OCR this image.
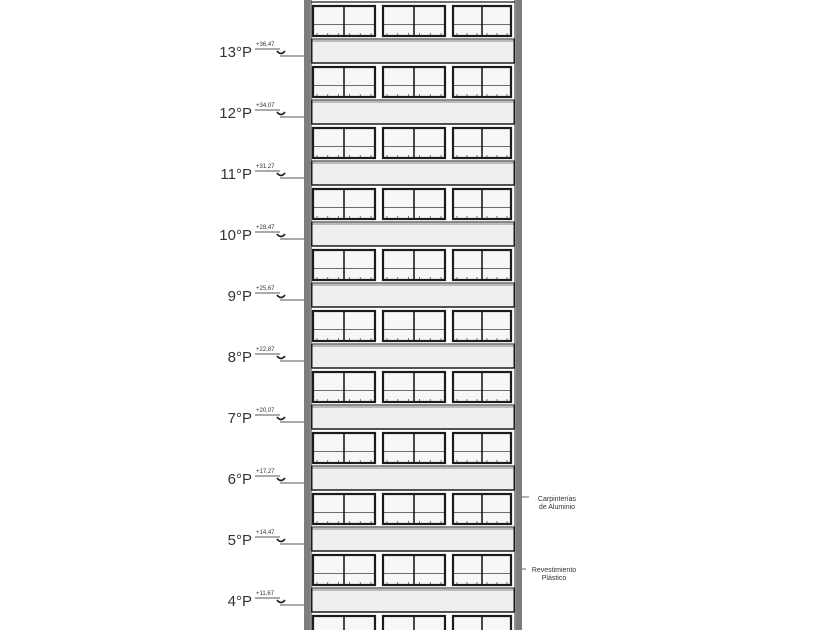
13°P +36,47
12°P +34,07
11°P +31,27
10°P +28,47
9°P +25,67
8°P +22,87
7°P +20,07
6°P +17,27
5°P +14,47
4°P +11,67
Carpinterías
de Aluminio
Revestimiento
Plástico
